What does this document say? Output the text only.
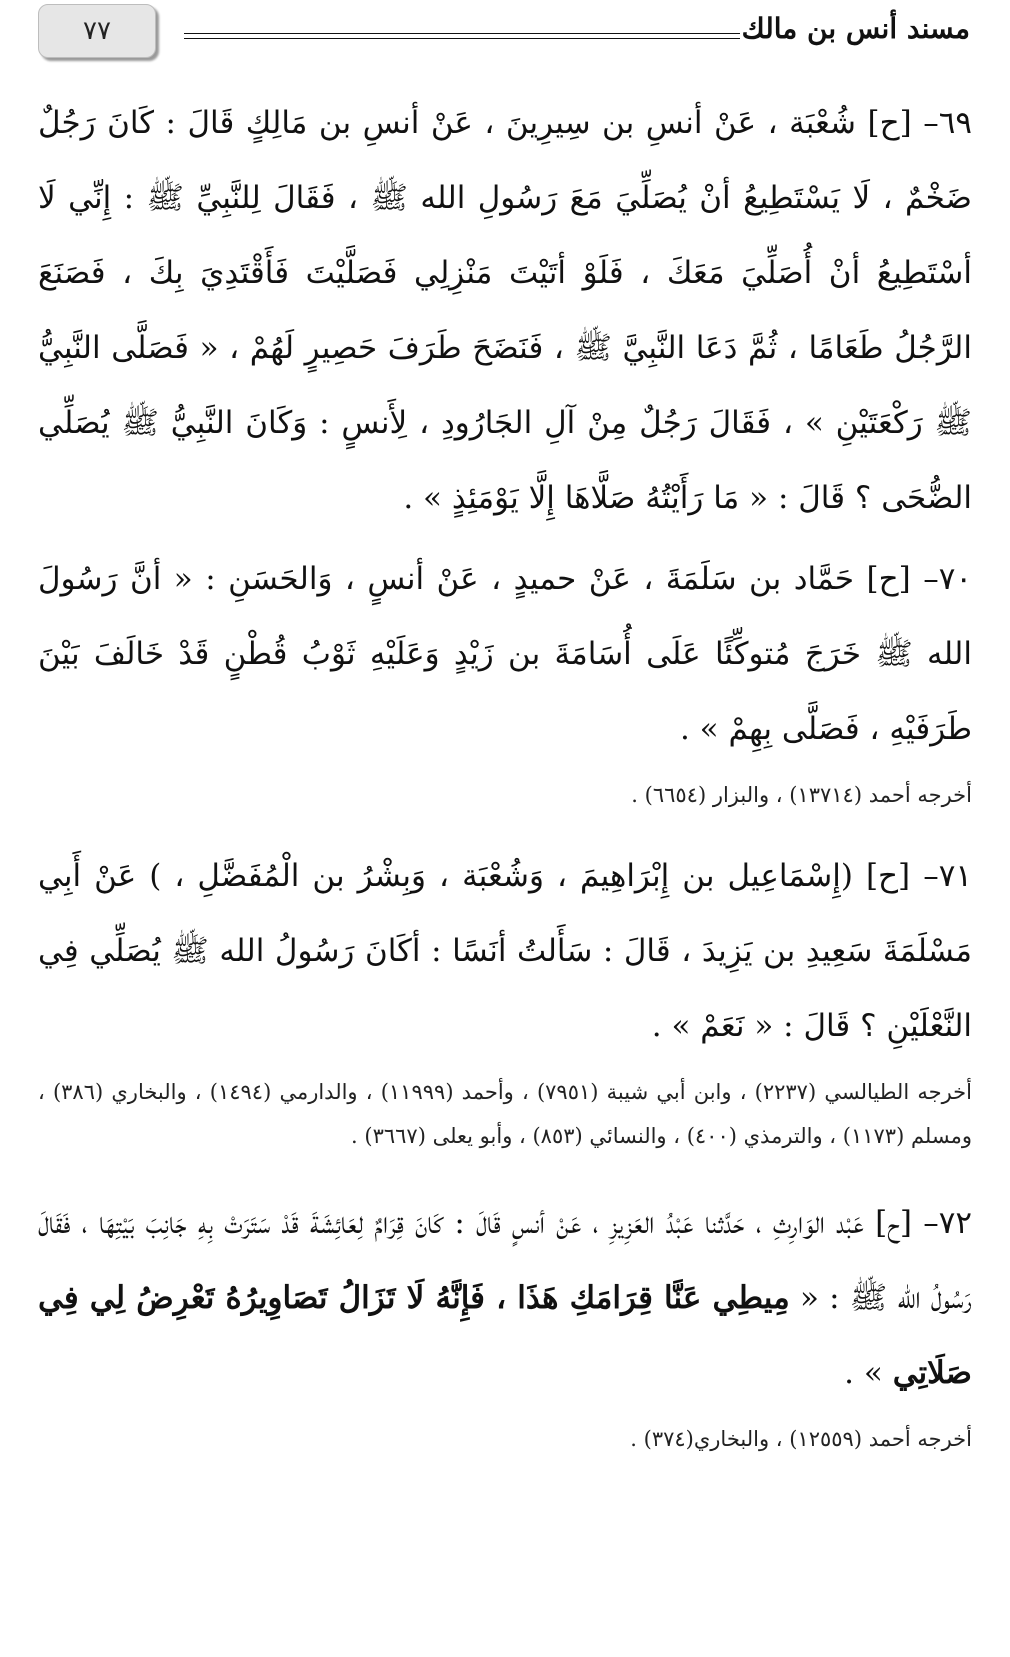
٧٧	مسند أنس بن مالك

٦٩– [ح] شُعْبَة ، عَنْ أنسِ بن سِيرِينَ ، عَنْ أنسِ بن مَالِكٍ قَالَ : كَانَ رَجُلٌ ضَخْمٌ ، لَا يَسْتَطِيعُ أنْ يُصَلِّيَ مَعَ رَسُولِ الله ﷺ ، فَقَالَ لِلنَّبِيِّ ﷺ : إِنِّي لَا أسْتَطِيعُ أنْ أُصَلِّيَ مَعَكَ ، فَلَوْ أتَيْتَ مَنْزِلِي فَصَلَّيْتَ فَأَقْتَدِيَ بِكَ ، فَصَنَعَ الرَّجُلُ طَعَامًا ، ثُمَّ دَعَا النَّبِيَّ ﷺ ، فَنَضَحَ طَرَفَ حَصِيرٍ لَهُمْ ، « فَصَلَّى النَّبِيُّ ﷺ رَكْعَتَيْنِ » ، فَقَالَ رَجُلٌ مِنْ آلِ الجَارُودِ ، لِأَنسٍ : وَكَانَ النَّبِيُّ ﷺ يُصَلِّي الضُّحَى ؟ قَالَ : « مَا رَأَيْتُهُ صَلَّاهَا إِلَّا يَوْمَئِذٍ » .

٧٠– [ح] حَمَّاد بن سَلَمَةَ ، عَنْ حميدٍ ، عَنْ أنسٍ ، وَالحَسَنِ : « أنَّ رَسُولَ الله ﷺ خَرَجَ مُتوكِّئًا عَلَى أُسَامَةَ بن زَيْدٍ وَعَلَيْهِ ثَوْبُ قُطْنٍ قَدْ خَالَفَ بَيْنَ طَرَفَيْهِ ، فَصَلَّى بِهِمْ » .

أخرجه أحمد (١٣٧١٤) ، والبزار (٦٦٥٤) .

٧١– [ح] (إِسْمَاعِيل بن إِبْرَاهِيمَ ، وَشُعْبَة ، وَبِشْرُ بن الْمُفَضَّلِ ، ) عَنْ أَبِي مَسْلَمَةَ سَعِيدِ بن يَزِيدَ ، قَالَ : سَأَلتُ أنَسًا : أكَانَ رَسُولُ الله ﷺ يُصَلِّي فِي النَّعْلَيْنِ ؟ قَالَ : « نَعَمْ » .

أخرجه الطيالسي (٢٢٣٧) ، وابن أبي شيبة (٧٩٥١) ، وأحمد (١١٩٩٩) ، والدارمي (١٤٩٤) ، والبخاري (٣٨٦) ، ومسلم (١١٧٣) ، والترمذي (٤٠٠) ، والنسائي (٨٥٣) ، وأبو يعلى (٣٦٦٧) .

٧٢– [ح] عَبْد الوَارِثِ ، حَدَّثنا عَبْدُ العَزِيزِ ، عَنْ أنسٍ قَالَ : كَانَ قِرَامٌ لِعَائِشَةَ قَدْ سَتَرَتْ بِهِ جَانِبَ بَيْتِهَا ، فَقَالَ رَسُولُ الله ﷺ : « مِيطِي عَنَّا قِرَامَكِ هَذَا ، فَإِنَّهُ لَا تَزَالُ تَصَاوِيرُهُ تَعْرِضُ لِي فِي صَلَاتِي » .

أخرجه أحمد (١٢٥٥٩) ، والبخاري(٣٧٤) .
